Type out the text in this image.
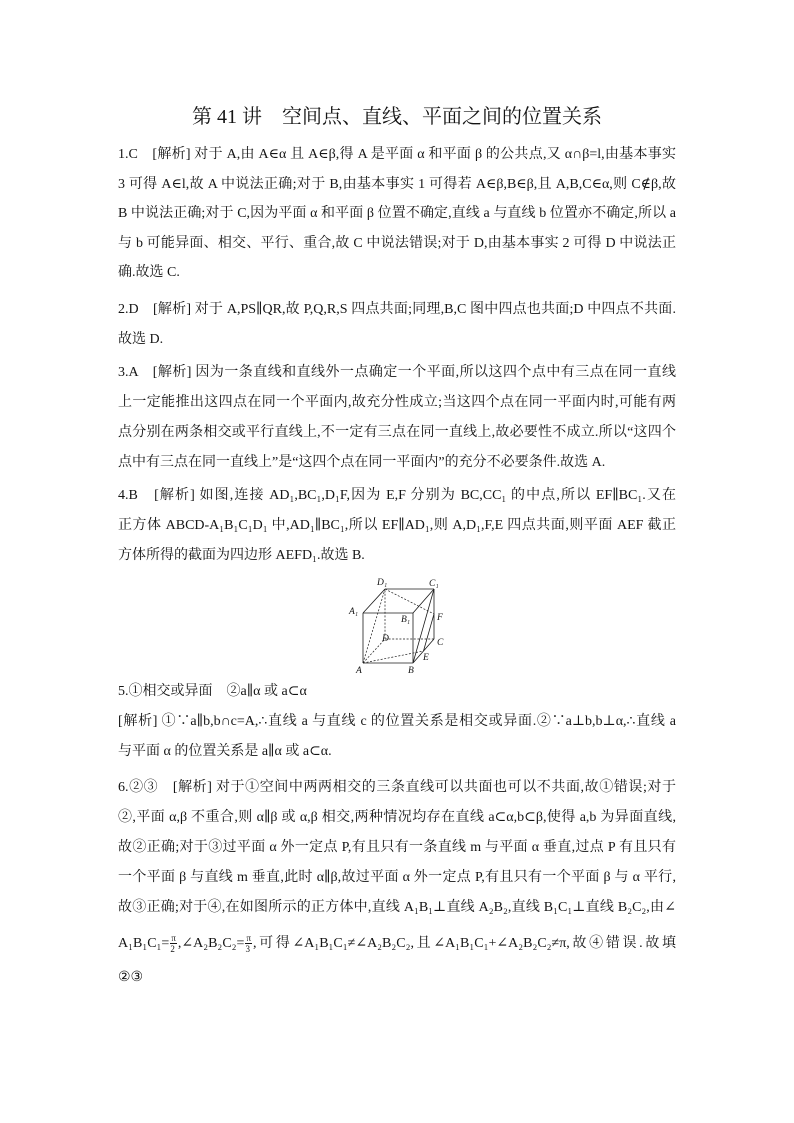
第 41 讲　空间点、直线、平面之间的位置关系
1.C　[解析] 对于 A,由 A∈α 且 A∈β,得 A 是平面 α 和平面 β 的公共点,又 α∩β=l,由基本事实
3 可得 A∈l,故 A 中说法正确;对于 B,由基本事实 1 可得若 A∈β,B∈β,且 A,B,C∈α,则 C∉β,故
B 中说法正确;对于 C,因为平面 α 和平面 β 位置不确定,直线 a 与直线 b 位置亦不确定,所以 a
与 b 可能异面、相交、平行、重合,故 C 中说法错误;对于 D,由基本事实 2 可得 D 中说法正
确.故选 C.
2.D　[解析] 对于 A,PS∥QR,故 P,Q,R,S 四点共面;同理,B,C 图中四点也共面;D 中四点不共面.
故选 D.
3.A　[解析] 因为一条直线和直线外一点确定一个平面,所以这四个点中有三点在同一直线
上一定能推出这四点在同一个平面内,故充分性成立;当这四个点在同一平面内时,可能有两
点分别在两条相交或平行直线上,不一定有三点在同一直线上,故必要性不成立.所以“这四个
点中有三点在同一直线上”是“这四个点在同一平面内”的充分不必要条件.故选 A.
4.B　[解析] 如图,连接 AD₁,BC₁,D₁F,因为 E,F 分别为 BC,CC₁ 的中点,所以 EF∥BC₁.又在
正方体 ABCD-A₁B₁C₁D₁ 中,AD₁∥BC₁,所以 EF∥AD₁,则 A,D₁,F,E 四点共面,则平面 AEF 截正
方体所得的截面为四边形 AEFD₁.故选 B.
D₁	C₁
A₁
B₁	F
D	C
E
A	B
5.①相交或异面　②a∥α 或 a⊂α
[解析] ①∵a∥b,b∩c=A,∴直线 a 与直线 c 的位置关系是相交或异面.②∵a⊥b,b⊥α,∴直线 a
与平面 α 的位置关系是 a∥α 或 a⊂α.
6.②③　[解析] 对于①空间中两两相交的三条直线可以共面也可以不共面,故①错误;对于
②,平面 α,β 不重合,则 α∥β 或 α,β 相交,两种情况均存在直线 a⊂α,b⊂β,使得 a,b 为异面直线,
故②正确;对于③过平面 α 外一定点 P,有且只有一条直线 m 与平面 α 垂直,过点 P 有且只有
一个平面 β 与直线 m 垂直,此时 α∥β,故过平面 α 外一定点 P,有且只有一个平面 β 与 α 平行,
故③正确;对于④,在如图所示的正方体中,直线 A₁B₁⊥直线 A₂B₂,直线 B₁C₁⊥直线 B₂C₂,由∠
$A_1B_1C_1= \frac{\pi}{2}$ ,∠A₂B₂C₂= $\frac{\pi}{3}$ ,可得∠A₁B₁C₁≠∠A₂B₂C₂,且∠A₁B₁C₁+∠A₂B₂C₂≠π,故④错误.故填
②③
